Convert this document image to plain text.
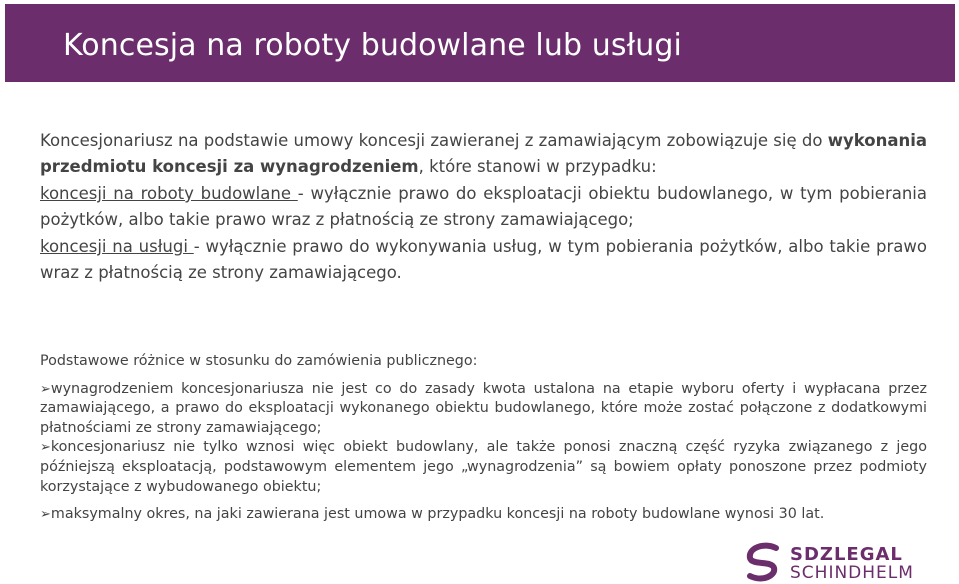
Koncesja na roboty budowlane lub usługi

Koncesjonariusz na podstawie umowy koncesji zawieranej z zamawiającym zobowiązuje się do wykonania przedmiotu koncesji za wynagrodzeniem, które stanowi w przypadku:

koncesji na roboty budowlane - wyłącznie prawo do eksploatacji obiektu budowlanego, w tym pobierania pożytków, albo takie prawo wraz z płatnością ze strony zamawiającego;

koncesji na usługi - wyłącznie prawo do wykonywania usług, w tym pobierania pożytków, albo takie prawo wraz z płatnością ze strony zamawiającego.

Podstawowe różnice w stosunku do zamówienia publicznego:

➢wynagrodzeniem koncesjonariusza nie jest co do zasady kwota ustalona na etapie wyboru oferty i wypłacana przez zamawiającego, a prawo do eksploatacji wykonanego obiektu budowlanego, które może zostać połączone z dodatkowymi płatnościami ze strony zamawiającego;

➢koncesjonariusz nie tylko wznosi więc obiekt budowlany, ale także ponosi znaczną część ryzyka związanego z jego późniejszą eksploatacją, podstawowym elementem jego „wynagrodzenia” są bowiem opłaty ponoszone przez podmioty korzystające z wybudowanego obiektu;

➢maksymalny okres, na jaki zawierana jest umowa w przypadku koncesji na roboty budowlane wynosi 30 lat.

SDZLEGAL
SCHINDHELM
